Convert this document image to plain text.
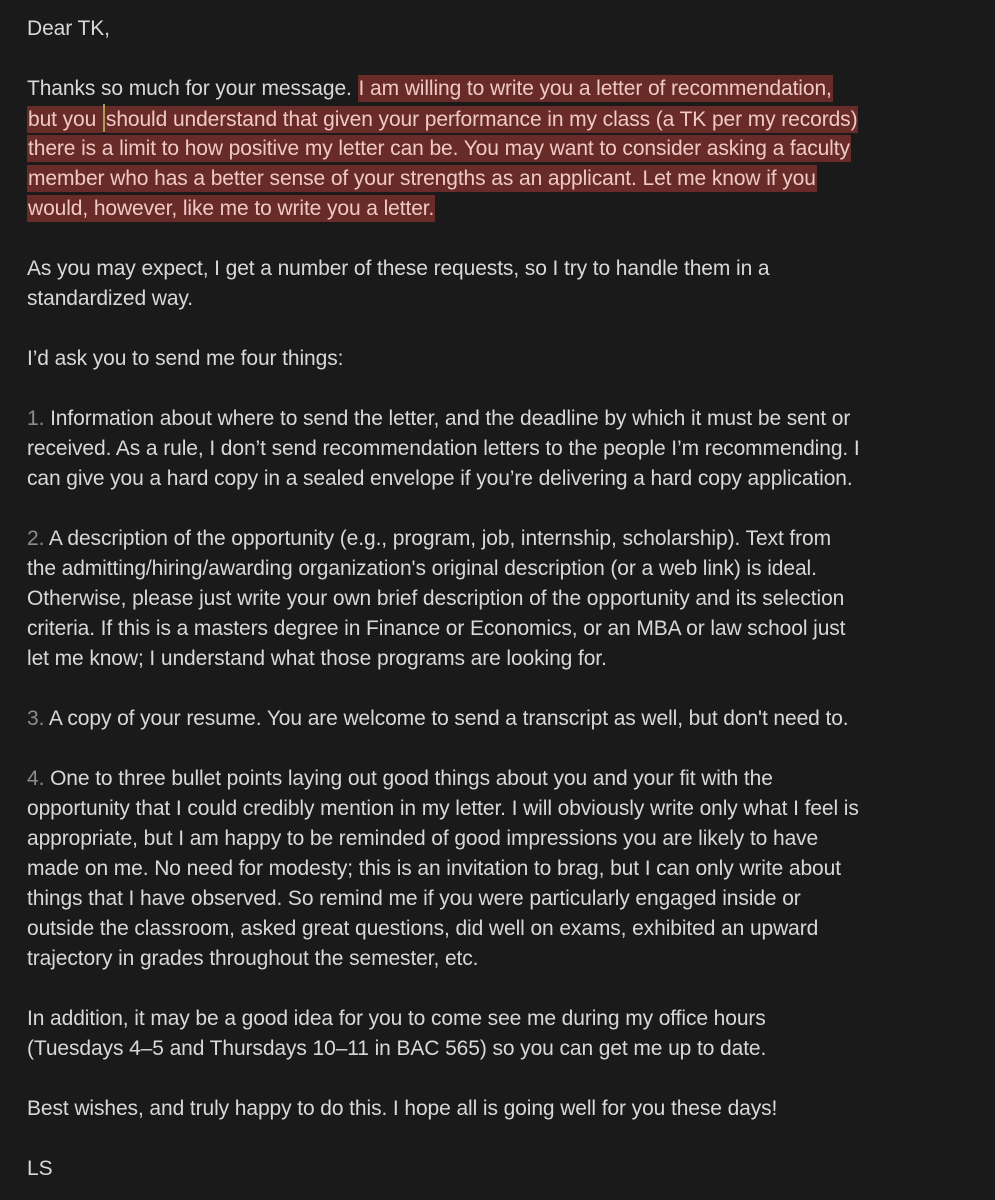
Dear TK,
Thanks so much for your message. I am willing to write you a letter of recommendation,
but you should understand that given your performance in my class (a TK per my records)
there is a limit to how positive my letter can be. You may want to consider asking a faculty
member who has a better sense of your strengths as an applicant. Let me know if you
would, however, like me to write you a letter.
As you may expect, I get a number of these requests, so I try to handle them in a
standardized way.
I’d ask you to send me four things:
1. Information about where to send the letter, and the deadline by which it must be sent or
received. As a rule, I don’t send recommendation letters to the people I’m recommending. I
can give you a hard copy in a sealed envelope if you’re delivering a hard copy application.
2. A description of the opportunity (e.g., program, job, internship, scholarship). Text from
the admitting/hiring/awarding organization's original description (or a web link) is ideal.
Otherwise, please just write your own brief description of the opportunity and its selection
criteria. If this is a masters degree in Finance or Economics, or an MBA or law school just
let me know; I understand what those programs are looking for.
3. A copy of your resume. You are welcome to send a transcript as well, but don't need to.
4. One to three bullet points laying out good things about you and your fit with the
opportunity that I could credibly mention in my letter. I will obviously write only what I feel is
appropriate, but I am happy to be reminded of good impressions you are likely to have
made on me. No need for modesty; this is an invitation to brag, but I can only write about
things that I have observed. So remind me if you were particularly engaged inside or
outside the classroom, asked great questions, did well on exams, exhibited an upward
trajectory in grades throughout the semester, etc.
In addition, it may be a good idea for you to come see me during my office hours
(Tuesdays 4–5 and Thursdays 10–11 in BAC 565) so you can get me up to date.
Best wishes, and truly happy to do this. I hope all is going well for you these days!
LS
